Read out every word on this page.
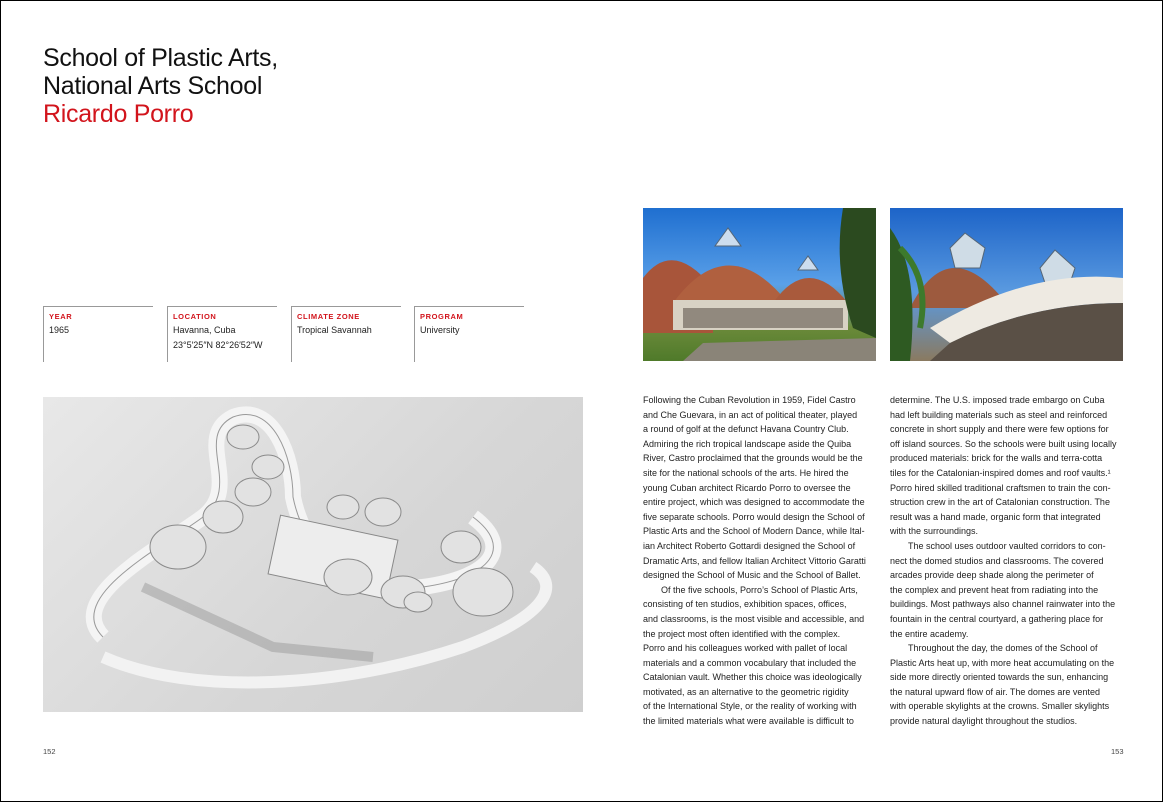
School of Plastic Arts,
National Arts School
Ricardo Porro
YEAR
1965
LOCATION
Havanna, Cuba
23°5′25″N 82°26′52″W
CLIMATE ZONE
Tropical Savannah
PROGRAM
University
Following the Cuban Revolution in 1959, Fidel Castro
and Che Guevara, in an act of political theater, played
a round of golf at the defunct Havana Country Club.
Admiring the rich tropical landscape aside the Quiba
River, Castro proclaimed that the grounds would be the
site for the national schools of the arts. He hired the
young Cuban architect Ricardo Porro to oversee the
entire project, which was designed to accommodate the
five separate schools. Porro would design the School of
Plastic Arts and the School of Modern Dance, while Ital-
ian Architect Roberto Gottardi designed the School of
Dramatic Arts, and fellow Italian Architect Vittorio Garatti
designed the School of Music and the School of Ballet.
Of the five schools, Porro’s School of Plastic Arts,
consisting of ten studios, exhibition spaces, offices,
and classrooms, is the most visible and accessible, and
the project most often identified with the complex.
Porro and his colleagues worked with pallet of local
materials and a common vocabulary that included the
Catalonian vault. Whether this choice was ideologically
motivated, as an alternative to the geometric rigidity
of the International Style, or the reality of working with
the limited materials what were available is difficult to
determine. The U.S. imposed trade embargo on Cuba
had left building materials such as steel and reinforced
concrete in short supply and there were few options for
off island sources. So the schools were built using locally
produced materials: brick for the walls and terra-cotta
tiles for the Catalonian-inspired domes and roof vaults.¹
Porro hired skilled traditional craftsmen to train the con-
struction crew in the art of Catalonian construction. The
result was a hand made, organic form that integrated
with the surroundings.
The school uses outdoor vaulted corridors to con-
nect the domed studios and classrooms. The covered
arcades provide deep shade along the perimeter of
the complex and prevent heat from radiating into the
buildings. Most pathways also channel rainwater into the
fountain in the central courtyard, a gathering place for
the entire academy.
Throughout the day, the domes of the School of
Plastic Arts heat up, with more heat accumulating on the
side more directly oriented towards the sun, enhancing
the natural upward flow of air. The domes are vented
with operable skylights at the crowns. Smaller skylights
provide natural daylight throughout the studios.
152	153
